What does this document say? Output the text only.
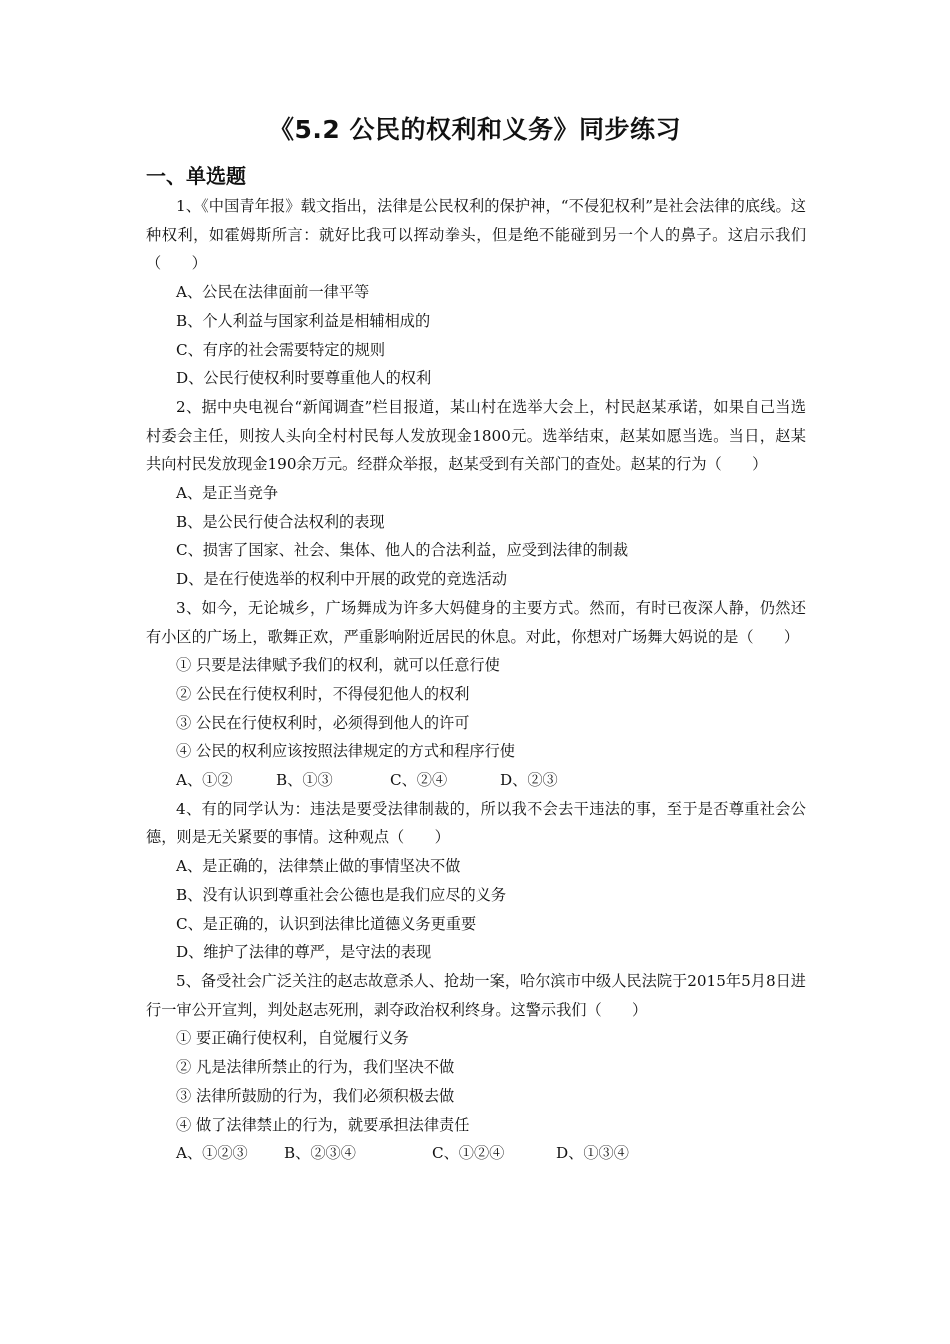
《5.2 公民的权利和义务》同步练习
一、单选题

1、《中国青年报》载文指出，法律是公民权利的保护神，“不侵犯权利”是社会法律的底线。这种权利，如霍姆斯所言：就好比我可以挥动拳头，但是绝不能碰到另一个人的鼻子。这启示我们（　　）

A、公民在法律面前一律平等

B、个人利益与国家利益是相辅相成的

C、有序的社会需要特定的规则

D、公民行使权利时要尊重他人的权利

2、据中央电视台“新闻调查”栏目报道，某山村在选举大会上，村民赵某承诺，如果自己当选村委会主任，则按人头向全村村民每人发放现金1800元。选举结束，赵某如愿当选。当日，赵某共向村民发放现金190余万元。经群众举报，赵某受到有关部门的查处。赵某的行为（　　）

A、是正当竞争

B、是公民行使合法权利的表现

C、损害了国家、社会、集体、他人的合法利益，应受到法律的制裁

D、是在行使选举的权利中开展的政党的竞选活动

3、如今，无论城乡，广场舞成为许多大妈健身的主要方式。然而，有时已夜深人静，仍然还有小区的广场上，歌舞正欢，严重影响附近居民的休息。对此，你想对广场舞大妈说的是（　　）

① 只要是法律赋予我们的权利，就可以任意行使

② 公民在行使权利时，不得侵犯他人的权利

③ 公民在行使权利时，必须得到他人的许可

④ 公民的权利应该按照法律规定的方式和程序行使

A、①②	B、①③	C、②④	D、②③

4、有的同学认为：违法是要受法律制裁的，所以我不会去干违法的事，至于是否尊重社会公德，则是无关紧要的事情。这种观点（　　）

A、是正确的，法律禁止做的事情坚决不做

B、没有认识到尊重社会公德也是我们应尽的义务

C、是正确的，认识到法律比道德义务更重要

D、维护了法律的尊严，是守法的表现

5、备受社会广泛关注的赵志故意杀人、抢劫一案，哈尔滨市中级人民法院于2015年5月8日进行一审公开宣判，判处赵志死刑，剥夺政治权利终身。这警示我们（　　）

① 要正确行使权利，自觉履行义务

② 凡是法律所禁止的行为，我们坚决不做

③ 法律所鼓励的行为，我们必须积极去做

④ 做了法律禁止的行为，就要承担法律责任

A、①②③ B、②③④	C、①②④	D、①③④
